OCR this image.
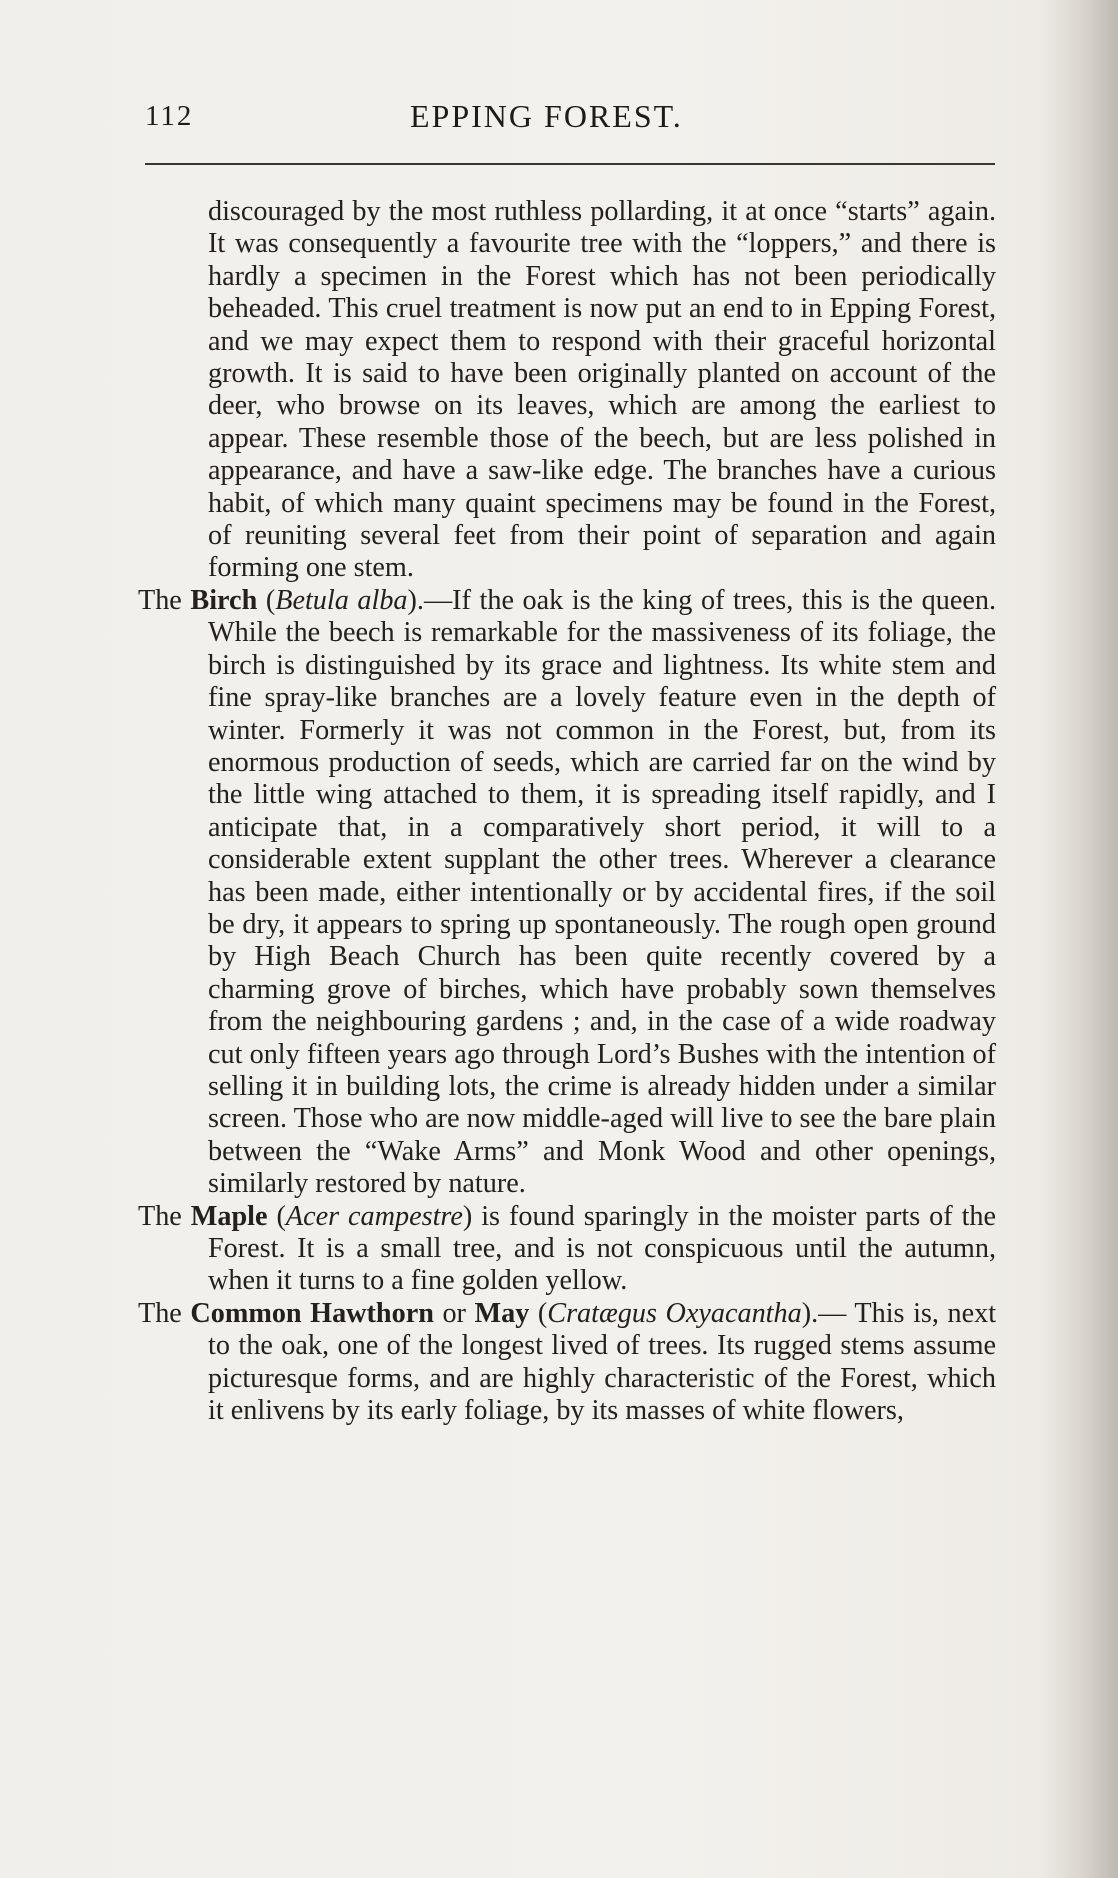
112	EPPING FOREST.

discouraged by the most ruthless pollarding, it at once “starts” again. It was consequently a favourite tree with the “loppers,” and there is hardly a specimen in the Forest which has not been periodically beheaded. This cruel treatment is now put an end to in Epping Forest, and we may expect them to respond with their graceful horizontal growth. It is said to have been originally planted on account of the deer, who browse on its leaves, which are among the earliest to appear. These resemble those of the beech, but are less polished in appearance, and have a saw-like edge. The branches have a curious habit, of which many quaint specimens may be found in the Forest, of reuniting several feet from their point of separation and again forming one stem.

The Birch (Betula alba).—If the oak is the king of trees, this is the queen. While the beech is remarkable for the massiveness of its foliage, the birch is distinguished by its grace and lightness. Its white stem and fine spray-like branches are a lovely feature even in the depth of winter. Formerly it was not common in the Forest, but, from its enormous production of seeds, which are carried far on the wind by the little wing attached to them, it is spreading itself rapidly, and I anticipate that, in a comparatively short period, it will to a considerable extent supplant the other trees. Wherever a clearance has been made, either intentionally or by accidental fires, if the soil be dry, it appears to spring up spontaneously. The rough open ground by High Beach Church has been quite recently covered by a charming grove of birches, which have probably sown themselves from the neighbouring gardens ; and, in the case of a wide roadway cut only fifteen years ago through Lord’s Bushes with the intention of selling it in building lots, the crime is already hidden under a similar screen. Those who are now middle-aged will live to see the bare plain between the “Wake Arms” and Monk Wood and other openings, similarly restored by nature.

The Maple (Acer campestre) is found sparingly in the moister parts of the Forest. It is a small tree, and is not conspicuous until the autumn, when it turns to a fine golden yellow.

The Common Hawthorn or May (Cratægus Oxyacantha).— This is, next to the oak, one of the longest lived of trees. Its rugged stems assume picturesque forms, and are highly characteristic of the Forest, which it enlivens by its early foliage, by its masses of white flowers,
